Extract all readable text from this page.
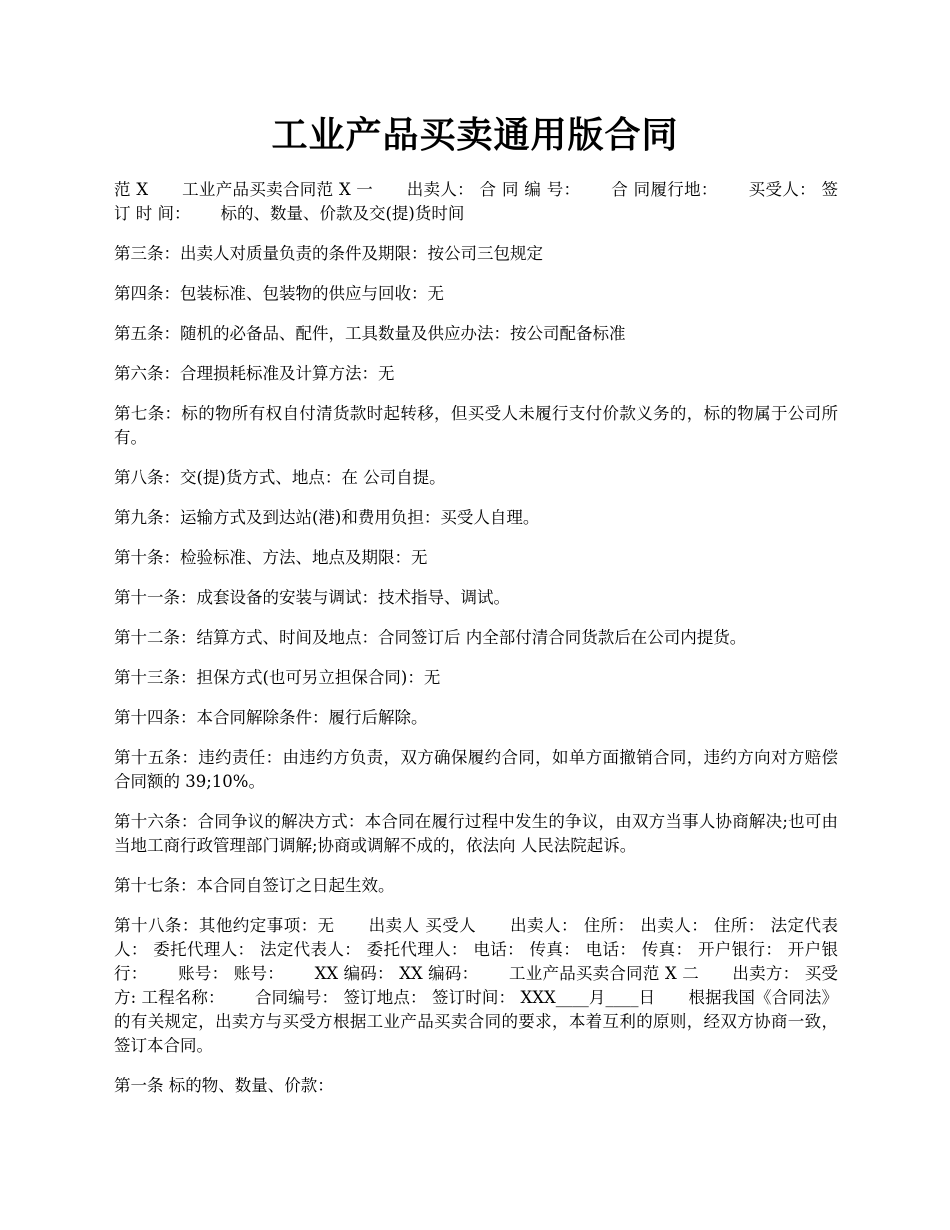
工业产品买卖通用版合同

范 X　　工业产品买卖合同范 X 一　　出卖人： 合 同 编 号：　　 合 同履行地：　　 买受人： 签 订 时 间：　　 标的、数量、价款及交(提)货时间

第三条：出卖人对质量负责的条件及期限：按公司三包规定

第四条：包装标准、包装物的供应与回收：无

第五条：随机的必备品、配件，工具数量及供应办法：按公司配备标准

第六条：合理损耗标准及计算方法：无

第七条：标的物所有权自付清货款时起转移，但买受人未履行支付价款义务的，标的物属于公司所有。

第八条：交(提)货方式、地点：在 公司自提。

第九条：运输方式及到达站(港)和费用负担：买受人自理。

第十条：检验标准、方法、地点及期限：无

第十一条：成套设备的安装与调试：技术指导、调试。

第十二条：结算方式、时间及地点：合同签订后 内全部付清合同货款后在公司内提货。

第十三条：担保方式(也可另立担保合同)：无

第十四条：本合同解除条件：履行后解除。

第十五条：违约责任：由违约方负责，双方确保履约合同，如单方面撤销合同，违约方向对方赔偿合同额的 39;10%。

第十六条：合同争议的解决方式：本合同在履行过程中发生的争议，由双方当事人协商解决;也可由当地工商行政管理部门调解;协商或调解不成的，依法向 人民法院起诉。

第十七条：本合同自签订之日起生效。

第十八条：其他约定事项：无　　出卖人 买受人　　出卖人： 住所： 出卖人： 住所： 法定代表人： 委托代理人： 法定代表人： 委托代理人： 电话： 传真： 电话： 传真： 开户银行： 开户银行：　　 账号： 账号：　　 XX 编码： XX 编码：　　 工业产品买卖合同范 X 二　　出卖方： 买受方: 工程名称：　　 合同编号： 签订地点： 签订时间： XXX____月____日　　根据我国《合同法》的有关规定，出卖方与买受方根据工业产品买卖合同的要求，本着互利的原则，经双方协商一致，签订本合同。

第一条 标的物、数量、价款：
